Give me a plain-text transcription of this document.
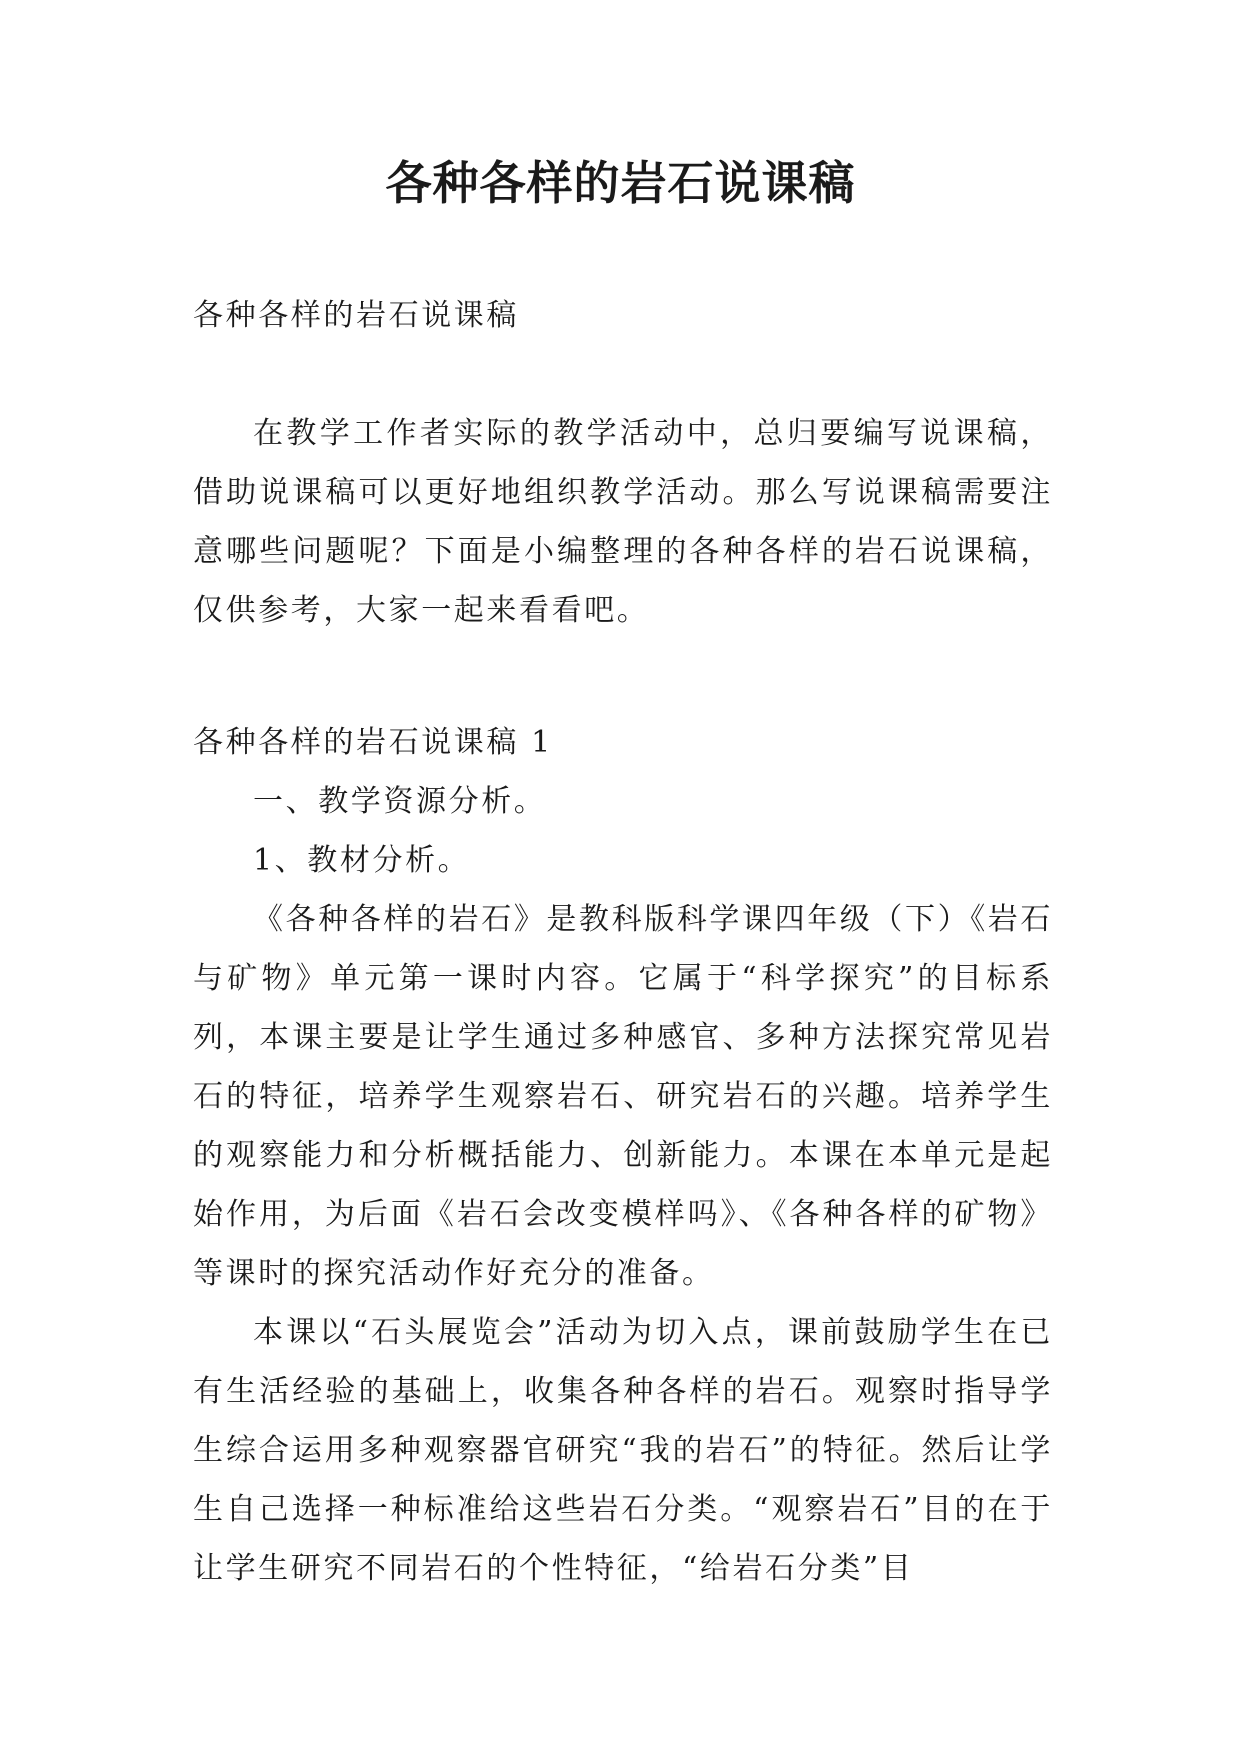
各种各样的岩石说课稿

各种各样的岩石说课稿

在教学工作者实际的教学活动中，总归要编写说课稿，借助说课稿可以更好地组织教学活动。那么写说课稿需要注意哪些问题呢？下面是小编整理的各种各样的岩石说课稿，仅供参考，大家一起来看看吧。

各种各样的岩石说课稿 1

一、教学资源分析。

1、教材分析。

《各种各样的岩石》是教科版科学课四年级（下）《岩石与矿物》单元第一课时内容。它属于“科学探究”的目标系列，本课主要是让学生通过多种感官、多种方法探究常见岩石的特征，培养学生观察岩石、研究岩石的兴趣。培养学生的观察能力和分析概括能力、创新能力。本课在本单元是起始作用，为后面《岩石会改变模样吗》、《各种各样的矿物》等课时的探究活动作好充分的准备。

本课以“石头展览会”活动为切入点，课前鼓励学生在已有生活经验的基础上，收集各种各样的岩石。观察时指导学生综合运用多种观察器官研究“我的岩石”的特征。然后让学生自己选择一种标准给这些岩石分类。“观察岩石”目的在于让学生研究不同岩石的个性特征，“给岩石分类”目
